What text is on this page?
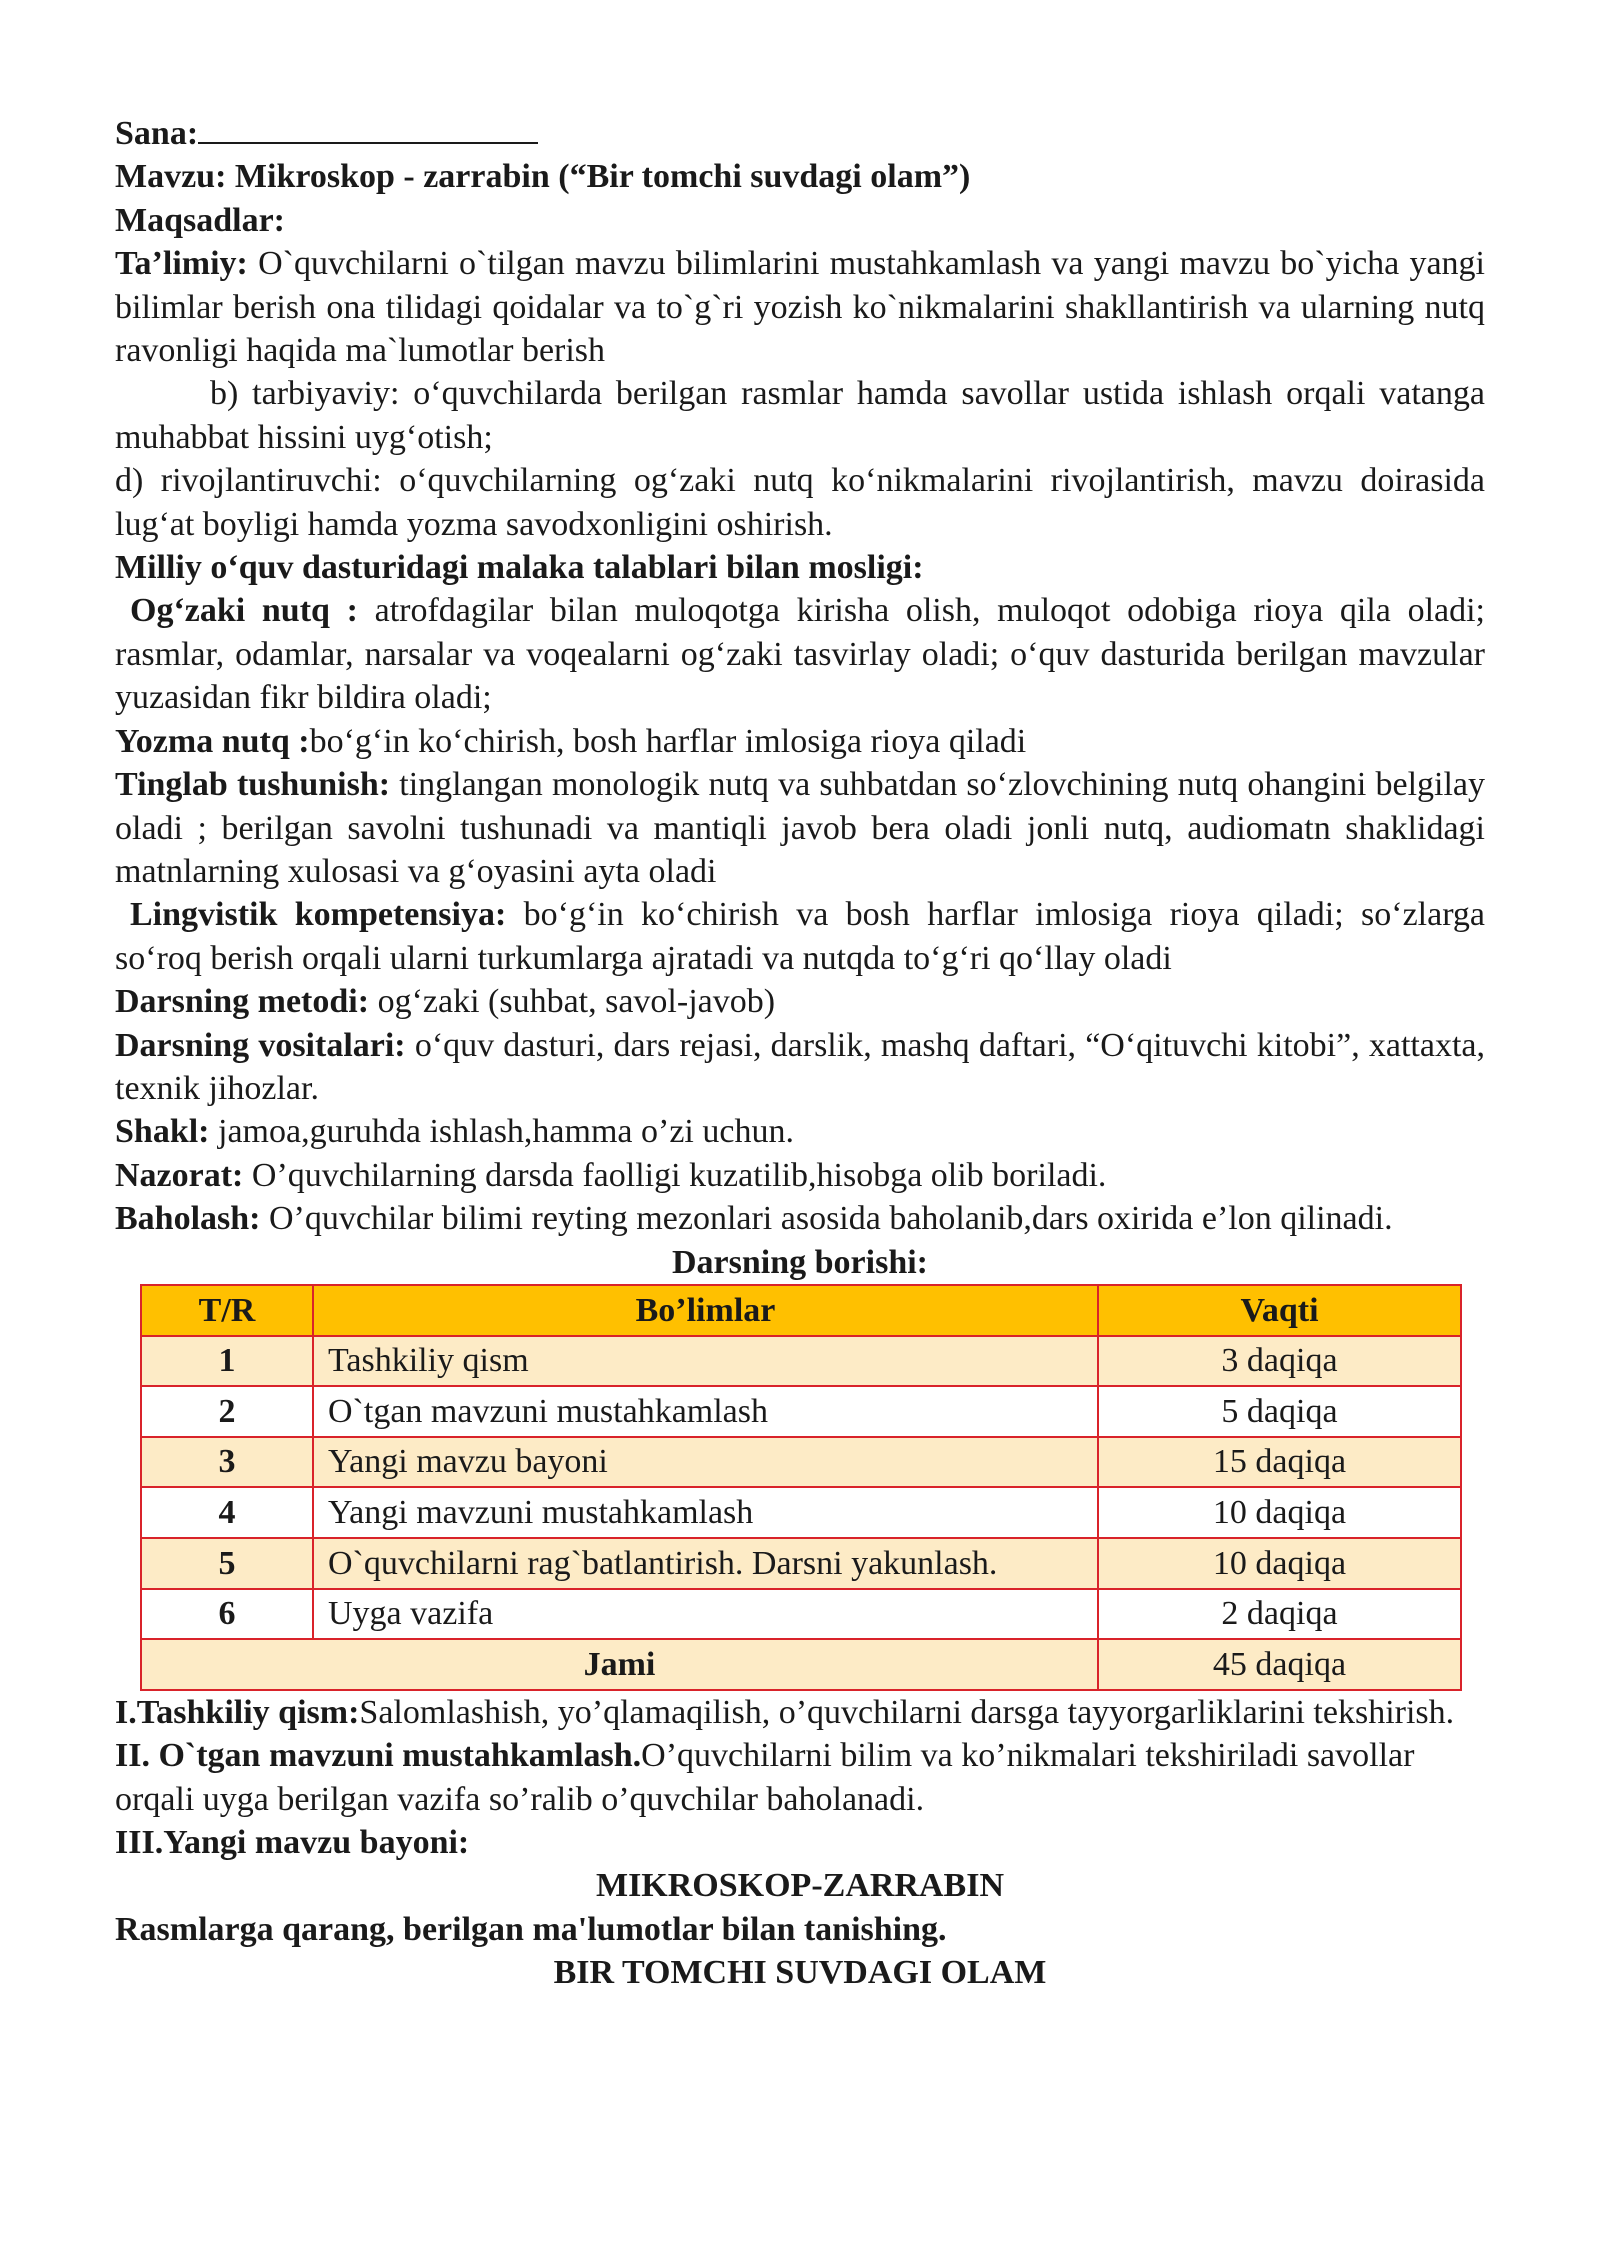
Sana:

Mavzu: Mikroskop - zarrabin (“Bir tomchi suvdagi olam”)

Maqsadlar:

Ta’limiy: O`quvchilarni o`tilgan mavzu bilimlarini mustahkamlash va yangi mavzu bo`yicha yangi bilimlar berish ona tilidagi qoidalar va to`g`ri yozish ko`nikmalarini shakllantirish va ularning nutq ravonligi haqida ma`lumotlar berish

b) tarbiyaviy: o‘quvchilarda berilgan rasmlar hamda savollar ustida ishlash orqali vatanga muhabbat hissini uyg‘otish;

d) rivojlantiruvchi: o‘quvchilarning og‘zaki nutq ko‘nikmalarini rivojlantirish, mavzu doirasida lug‘at boyligi hamda yozma savodxonligini oshirish.

Milliy o‘quv dasturidagi malaka talablari bilan mosligi:

Og‘zaki nutq : atrofdagilar bilan muloqotga kirisha olish, muloqot odobiga rioya qila oladi; rasmlar, odamlar, narsalar va voqealarni og‘zaki tasvirlay oladi; o‘quv dasturida berilgan mavzular yuzasidan fikr bildira oladi;

Yozma nutq :bo‘g‘in ko‘chirish, bosh harflar imlosiga rioya qiladi

Tinglab tushunish: tinglangan monologik nutq va suhbatdan so‘zlovchining nutq ohangini belgilay oladi ; berilgan savolni tushunadi va mantiqli javob bera oladi jonli nutq, audiomatn shaklidagi matnlarning xulosasi va g‘oyasini ayta oladi

Lingvistik kompetensiya: bo‘g‘in ko‘chirish va bosh harflar imlosiga rioya qiladi; so‘zlarga so‘roq berish orqali ularni turkumlarga ajratadi va nutqda to‘g‘ri qo‘llay oladi

Darsning metodi: og‘zaki (suhbat, savol-javob)

Darsning vositalari: o‘quv dasturi, dars rejasi, darslik, mashq daftari, “O‘qituvchi kitobi”, xattaxta, texnik jihozlar.

Shakl: jamoa,guruhda ishlash,hamma o’zi uchun.

Nazorat: O’quvchilarning darsda faolligi kuzatilib,hisobga olib boriladi.

Baholash: O’quvchilar bilimi reyting mezonlari asosida baholanib,dars oxirida e’lon qilinadi.

Darsning borishi:

T/R	Bo’limlar	Vaqti
1	Tashkiliy qism	3 daqiqa
2	O`tgan mavzuni mustahkamlash	5 daqiqa
3	Yangi mavzu bayoni	15 daqiqa
4	Yangi mavzuni mustahkamlash	10 daqiqa
5	O`quvchilarni rag`batlantirish. Darsni yakunlash.	10 daqiqa
6	Uyga vazifa	2 daqiqa
Jami		45 daqiqa

I.Tashkiliy qism:Salomlashish, yo’qlamaqilish, o’quvchilarni darsga tayyorgarliklarini tekshirish.

II. O`tgan mavzuni mustahkamlash.O’quvchilarni bilim va ko’nikmalari tekshiriladi savollar orqali uyga berilgan vazifa so’ralib o’quvchilar baholanadi.

III.Yangi mavzu bayoni:

MIKROSKOP-ZARRABIN

Rasmlarga qarang, berilgan ma'lumotlar bilan tanishing.

BIR TOMCHI SUVDAGI OLAM
